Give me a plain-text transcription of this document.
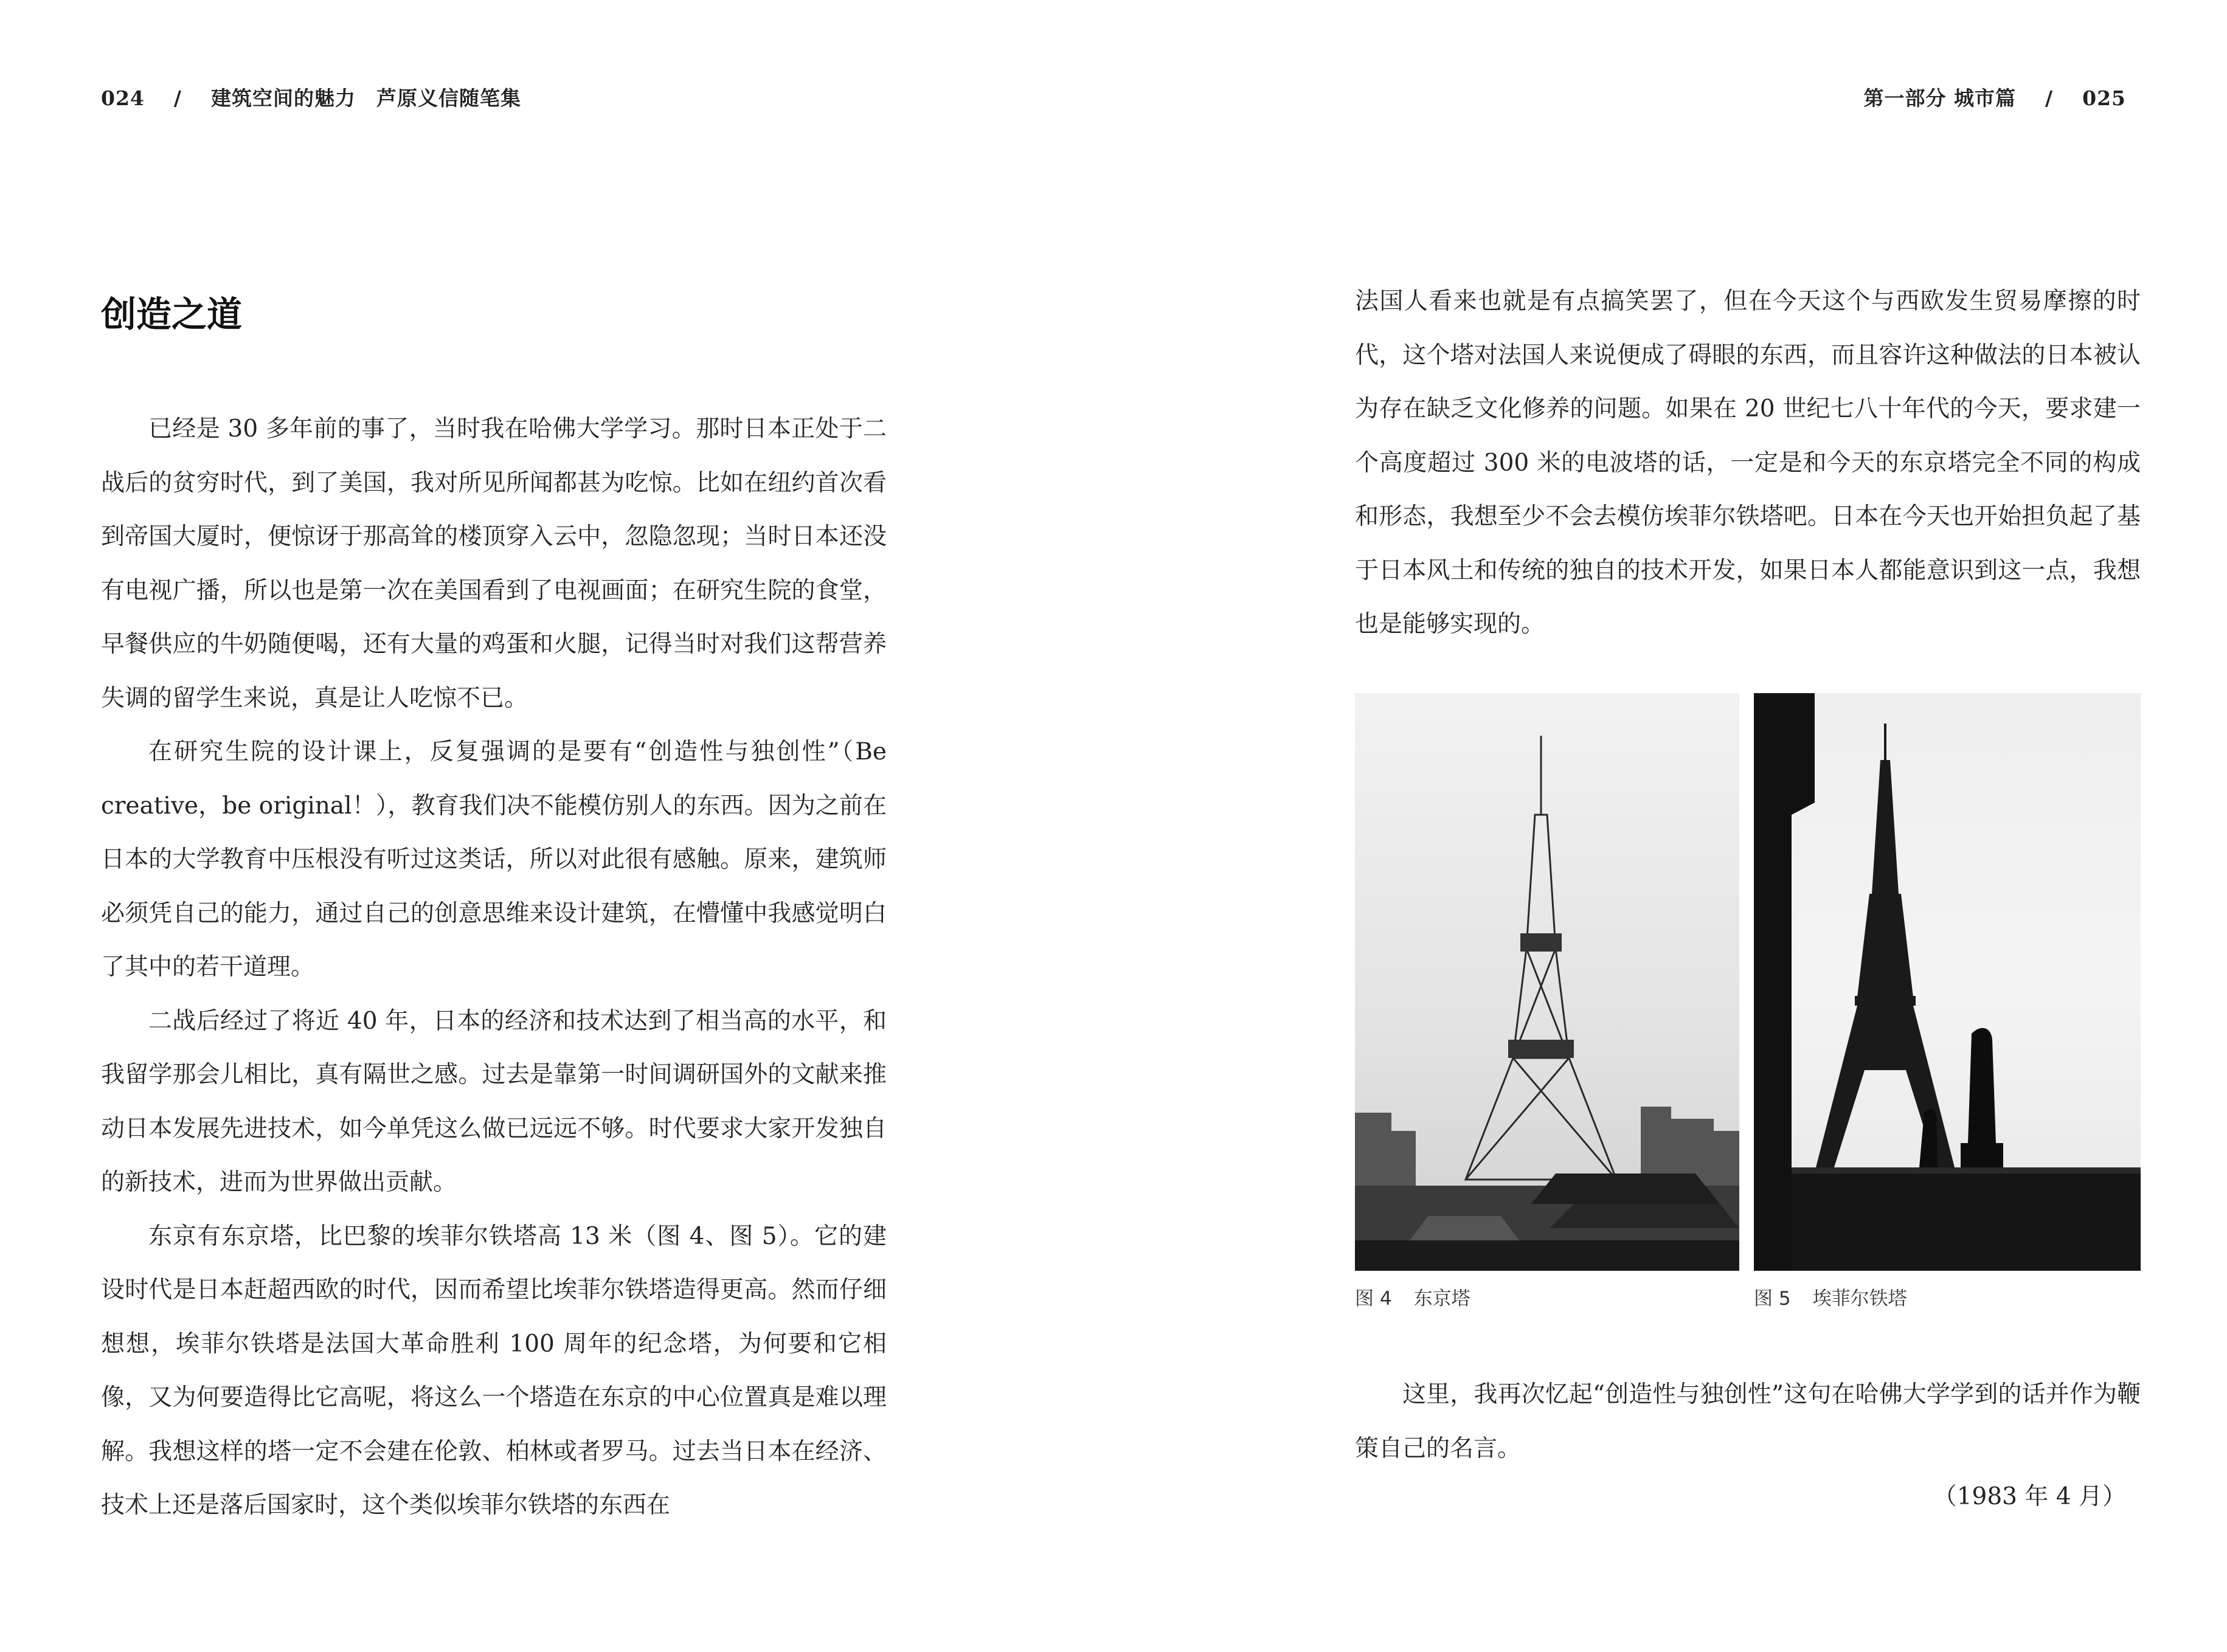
024 / 建筑空间的魅力　芦原义信随笔集	第一部分 城市篇 / 025
创造之道

已经是 30 多年前的事了，当时我在哈佛大学学习。那时日本正处于二战后的贫穷时代，到了美国，我对所见所闻都甚为吃惊。比如在纽约首次看到帝国大厦时，便惊讶于那高耸的楼顶穿入云中，忽隐忽现；当时日本还没有电视广播，所以也是第一次在美国看到了电视画面；在研究生院的食堂，早餐供应的牛奶随便喝，还有大量的鸡蛋和火腿，记得当时对我们这帮营养失调的留学生来说，真是让人吃惊不已。

在研究生院的设计课上，反复强调的是要有“创造性与独创性”（Be creative，be original！），教育我们决不能模仿别人的东西。因为之前在日本的大学教育中压根没有听过这类话，所以对此很有感触。原来，建筑师必须凭自己的能力，通过自己的创意思维来设计建筑，在懵懂中我感觉明白了其中的若干道理。

二战后经过了将近 40 年，日本的经济和技术达到了相当高的水平，和我留学那会儿相比，真有隔世之感。过去是靠第一时间调研国外的文献来推动日本发展先进技术，如今单凭这么做已远远不够。时代要求大家开发独自的新技术，进而为世界做出贡献。

东京有东京塔，比巴黎的埃菲尔铁塔高 13 米（图 4、图 5）。它的建设时代是日本赶超西欧的时代，因而希望比埃菲尔铁塔造得更高。然而仔细想想，埃菲尔铁塔是法国大革命胜利 100 周年的纪念塔，为何要和它相像，又为何要造得比它高呢，将这么一个塔造在东京的中心位置真是难以理解。我想这样的塔一定不会建在伦敦、柏林或者罗马。过去当日本在经济、技术上还是落后国家时，这个类似埃菲尔铁塔的东西在

法国人看来也就是有点搞笑罢了，但在今天这个与西欧发生贸易摩擦的时代，这个塔对法国人来说便成了碍眼的东西，而且容许这种做法的日本被认为存在缺乏文化修养的问题。如果在 20 世纪七八十年代的今天，要求建一个高度超过 300 米的电波塔的话，一定是和今天的东京塔完全不同的构成和形态，我想至少不会去模仿埃菲尔铁塔吧。日本在今天也开始担负起了基于日本风土和传统的独自的技术开发，如果日本人都能意识到这一点，我想也是能够实现的。

图 4 东京塔	图 5 埃菲尔铁塔

这里，我再次忆起“创造性与独创性”这句在哈佛大学学到的话并作为鞭策自己的名言。

（1983 年 4 月）
